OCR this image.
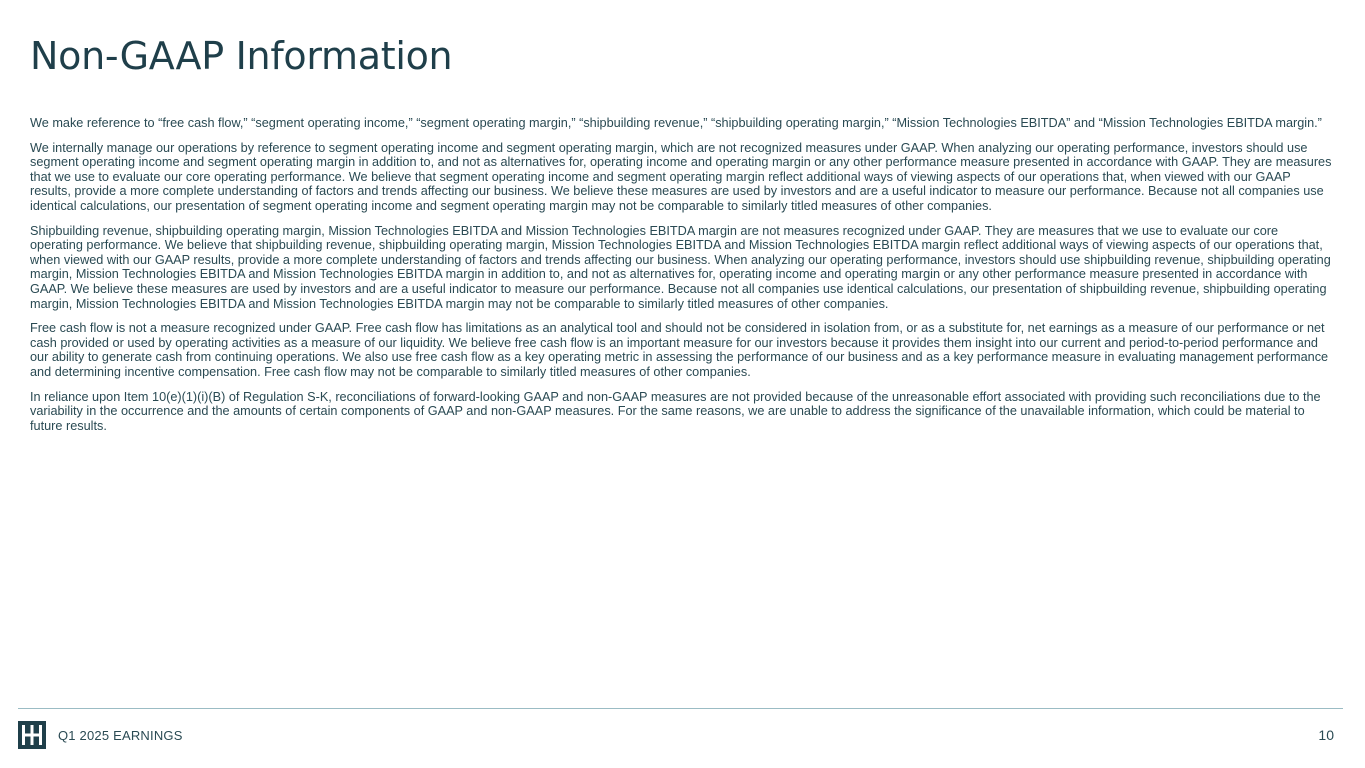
Non-GAAP Information

We make reference to “free cash flow,” “segment operating income,” “segment operating margin,” “shipbuilding revenue,” “shipbuilding operating margin,” “Mission Technologies EBITDA” and “Mission Technologies EBITDA margin.”

We internally manage our operations by reference to segment operating income and segment operating margin, which are not recognized measures under GAAP. When analyzing our operating performance, investors should use segment operating income and segment operating margin in addition to, and not as alternatives for, operating income and operating margin or any other performance measure presented in accordance with GAAP. They are measures that we use to evaluate our core operating performance. We believe that segment operating income and segment operating margin reflect additional ways of viewing aspects of our operations that, when viewed with our GAAP results, provide a more complete understanding of factors and trends affecting our business. We believe these measures are used by investors and are a useful indicator to measure our performance. Because not all companies use identical calculations, our presentation of segment operating income and segment operating margin may not be comparable to similarly titled measures of other companies.

Shipbuilding revenue, shipbuilding operating margin, Mission Technologies EBITDA and Mission Technologies EBITDA margin are not measures recognized under GAAP. They are measures that we use to evaluate our core operating performance. We believe that shipbuilding revenue, shipbuilding operating margin, Mission Technologies EBITDA and Mission Technologies EBITDA margin reflect additional ways of viewing aspects of our operations that, when viewed with our GAAP results, provide a more complete understanding of factors and trends affecting our business. When analyzing our operating performance, investors should use shipbuilding revenue, shipbuilding operating margin, Mission Technologies EBITDA and Mission Technologies EBITDA margin in addition to, and not as alternatives for, operating income and operating margin or any other performance measure presented in accordance with GAAP. We believe these measures are used by investors and are a useful indicator to measure our performance. Because not all companies use identical calculations, our presentation of shipbuilding revenue, shipbuilding operating margin, Mission Technologies EBITDA and Mission Technologies EBITDA margin may not be comparable to similarly titled measures of other companies.

Free cash flow is not a measure recognized under GAAP. Free cash flow has limitations as an analytical tool and should not be considered in isolation from, or as a substitute for, net earnings as a measure of our performance or net cash provided or used by operating activities as a measure of our liquidity. We believe free cash flow is an important measure for our investors because it provides them insight into our current and period-to-period performance and our ability to generate cash from continuing operations. We also use free cash flow as a key operating metric in assessing the performance of our business and as a key performance measure in evaluating management performance and determining incentive compensation. Free cash flow may not be comparable to similarly titled measures of other companies.

In reliance upon Item 10(e)(1)(i)(B) of Regulation S-K, reconciliations of forward-looking GAAP and non-GAAP measures are not provided because of the unreasonable effort associated with providing such reconciliations due to the variability in the occurrence and the amounts of certain components of GAAP and non-GAAP measures. For the same reasons, we are unable to address the significance of the unavailable information, which could be material to future results.

Q1 2025 EARNINGS	10
